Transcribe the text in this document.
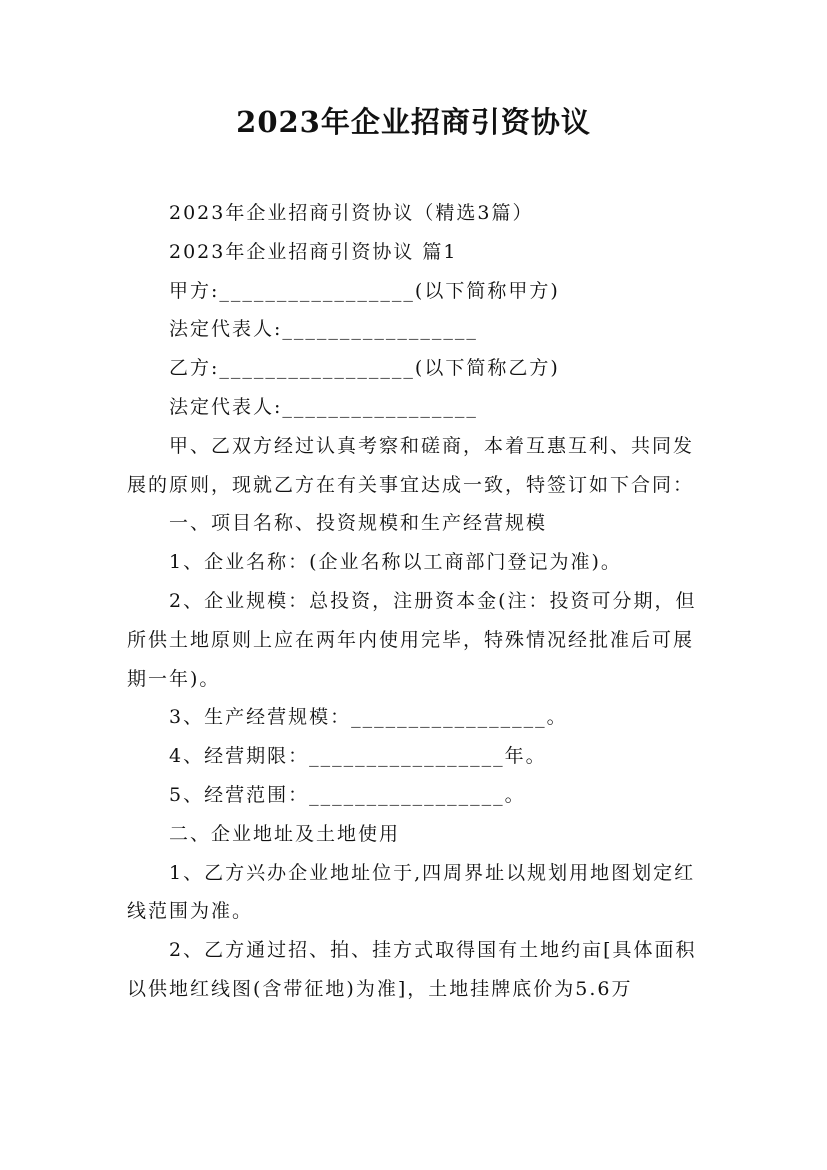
2023年企业招商引资协议

2023年企业招商引资协议（精选3篇）

2023年企业招商引资协议 篇1

甲方:_________________(以下简称甲方)

法定代表人:_________________

乙方:_________________(以下简称乙方)

法定代表人:_________________

甲、乙双方经过认真考察和磋商，本着互惠互利、共同发展的原则，现就乙方在有关事宜达成一致，特签订如下合同：

一、项目名称、投资规模和生产经营规模

1、企业名称：(企业名称以工商部门登记为准)。

2、企业规模：总投资，注册资本金(注：投资可分期，但所供土地原则上应在两年内使用完毕，特殊情况经批准后可展期一年)。

3、生产经营规模：_________________。

4、经营期限：_________________年。

5、经营范围：_________________。

二、企业地址及土地使用

1、乙方兴办企业地址位于,四周界址以规划用地图划定红线范围为准。

2、乙方通过招、拍、挂方式取得国有土地约亩[具体面积以供地红线图(含带征地)为准]，土地挂牌底价为5.6万
